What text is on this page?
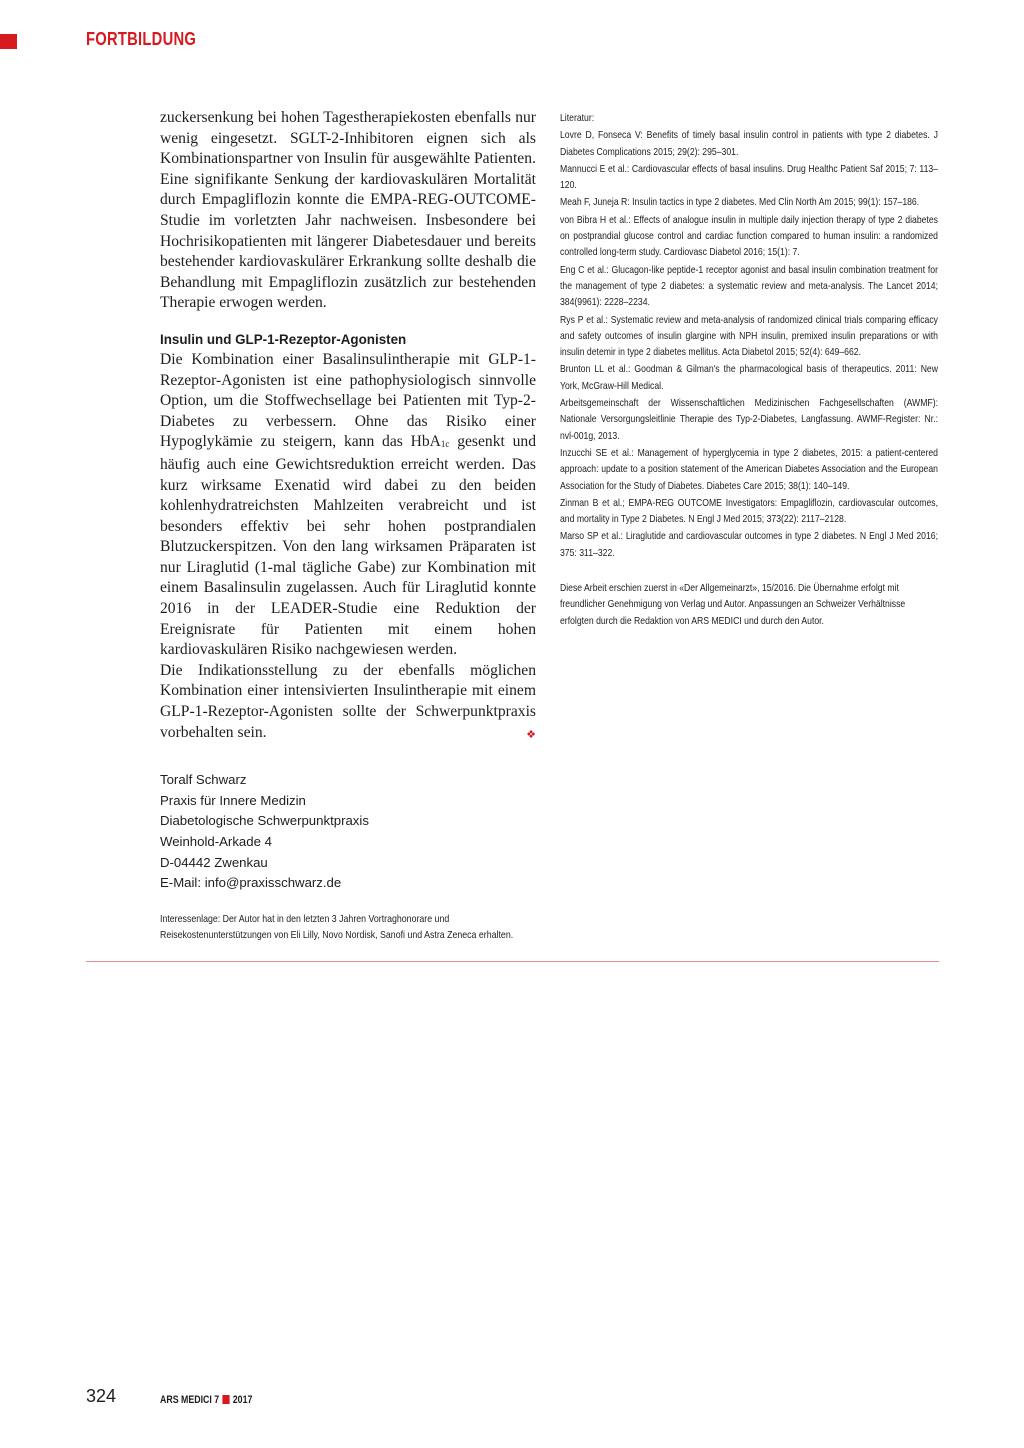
FORTBILDUNG

zuckersenkung bei hohen Tagestherapiekosten ebenfalls nur wenig eingesetzt. SGLT-2-Inhibitoren eignen sich als Kombinationspartner von Insulin für ausgewählte Patienten.

Eine signifikante Senkung der kardiovaskulären Mortalität durch Empagliflozin konnte die EMPA-REG-OUTCOME-Studie im vorletzten Jahr nachweisen. Insbesondere bei Hochrisikopatienten mit längerer Diabetesdauer und bereits bestehender kardiovaskulärer Erkrankung sollte deshalb die Behandlung mit Empagliflozin zusätzlich zur bestehenden Therapie erwogen werden.

Insulin und GLP-1-Rezeptor-Agonisten

Die Kombination einer Basalinsulintherapie mit GLP-1-Rezeptor-Agonisten ist eine pathophysiologisch sinnvolle Option, um die Stoffwechsellage bei Patienten mit Typ-2-Diabetes zu verbessern. Ohne das Risiko einer Hypoglykämie zu steigern, kann das HbA$_{1c}$ gesenkt und häufig auch eine Gewichtsreduktion erreicht werden. Das kurz wirksame Exenatid wird dabei zu den beiden kohlenhydratreichsten Mahlzeiten verabreicht und ist besonders effektiv bei sehr hohen postprandialen Blutzuckerspitzen. Von den lang wirksamen Präparaten ist nur Liraglutid (1-mal tägliche Gabe) zur Kombination mit einem Basalinsulin zugelassen. Auch für Liraglutid konnte 2016 in der LEADER-Studie eine Reduktion der Ereignisrate für Patienten mit einem hohen kardiovaskulären Risiko nachgewiesen werden.

Die Indikationsstellung zu der ebenfalls möglichen Kombination einer intensivierten Insulintherapie mit einem GLP-1-Rezeptor-Agonisten sollte der Schwerpunktpraxis vorbehalten sein.	❖

Toralf Schwarz
Praxis für Innere Medizin
Diabetologische Schwerpunktpraxis
Weinhold-Arkade 4
D-04442 Zwenkau
E-Mail: info@praxisschwarz.de
Interessenlage: Der Autor hat in den letzten 3 Jahren Vortraghonorare und Reisekostenunterstützungen von Eli Lilly, Novo Nordisk, Sanofi und Astra Zeneca erhalten.
Literatur:
Lovre D, Fonseca V: Benefits of timely basal insulin control in patients with type 2 diabetes. J Diabetes Complications 2015; 29(2): 295–301.
Mannucci E et al.: Cardiovascular effects of basal insulins. Drug Healthc Patient Saf 2015; 7: 113–120.
Meah F, Juneja R: Insulin tactics in type 2 diabetes. Med Clin North Am 2015; 99(1): 157–186.
von Bibra H et al.: Effects of analogue insulin in multiple daily injection therapy of type 2 diabetes on postprandial glucose control and cardiac function compared to human insulin: a randomized controlled long-term study. Cardiovasc Diabetol 2016; 15(1): 7.
Eng C et al.: Glucagon-like peptide-1 receptor agonist and basal insulin combination treatment for the management of type 2 diabetes: a systematic review and meta-analysis. The Lancet 2014; 384(9961): 2228–2234.
Rys P et al.: Systematic review and meta-analysis of randomized clinical trials comparing efficacy and safety outcomes of insulin glargine with NPH insulin, premixed insulin preparations or with insulin detemir in type 2 diabetes mellitus. Acta Diabetol 2015; 52(4): 649–662.
Brunton LL et al.: Goodman & Gilman's the pharmacological basis of therapeutics. 2011: New York, McGraw-Hill Medical.
Arbeitsgemeinschaft der Wissenschaftlichen Medizinischen Fachgesellschaften (AWMF): Nationale Versorgungsleitlinie Therapie des Typ-2-Diabetes, Langfassung. AWMF-Register: Nr.: nvl-001g, 2013.
Inzucchi SE et al.: Management of hyperglycemia in type 2 diabetes, 2015: a patient-centered approach: update to a position statement of the American Diabetes Association and the European Association for the Study of Diabetes. Diabetes Care 2015; 38(1): 140–149.
Zinman B et al.; EMPA-REG OUTCOME Investigators: Empagliflozin, cardiovascular outcomes, and mortality in Type 2 Diabetes. N Engl J Med 2015; 373(22): 2117–2128.
Marso SP et al.: Liraglutide and cardiovascular outcomes in type 2 diabetes. N Engl J Med 2016; 375: 311–322.
Diese Arbeit erschien zuerst in «Der Allgemeinarzt», 15/2016. Die Übernahme erfolgt mit freundlicher Genehmigung von Verlag und Autor. Anpassungen an Schweizer Verhältnisse erfolgten durch die Redaktion von ARS MEDICI und durch den Autor.
324	ARS MEDICI 7 2017
